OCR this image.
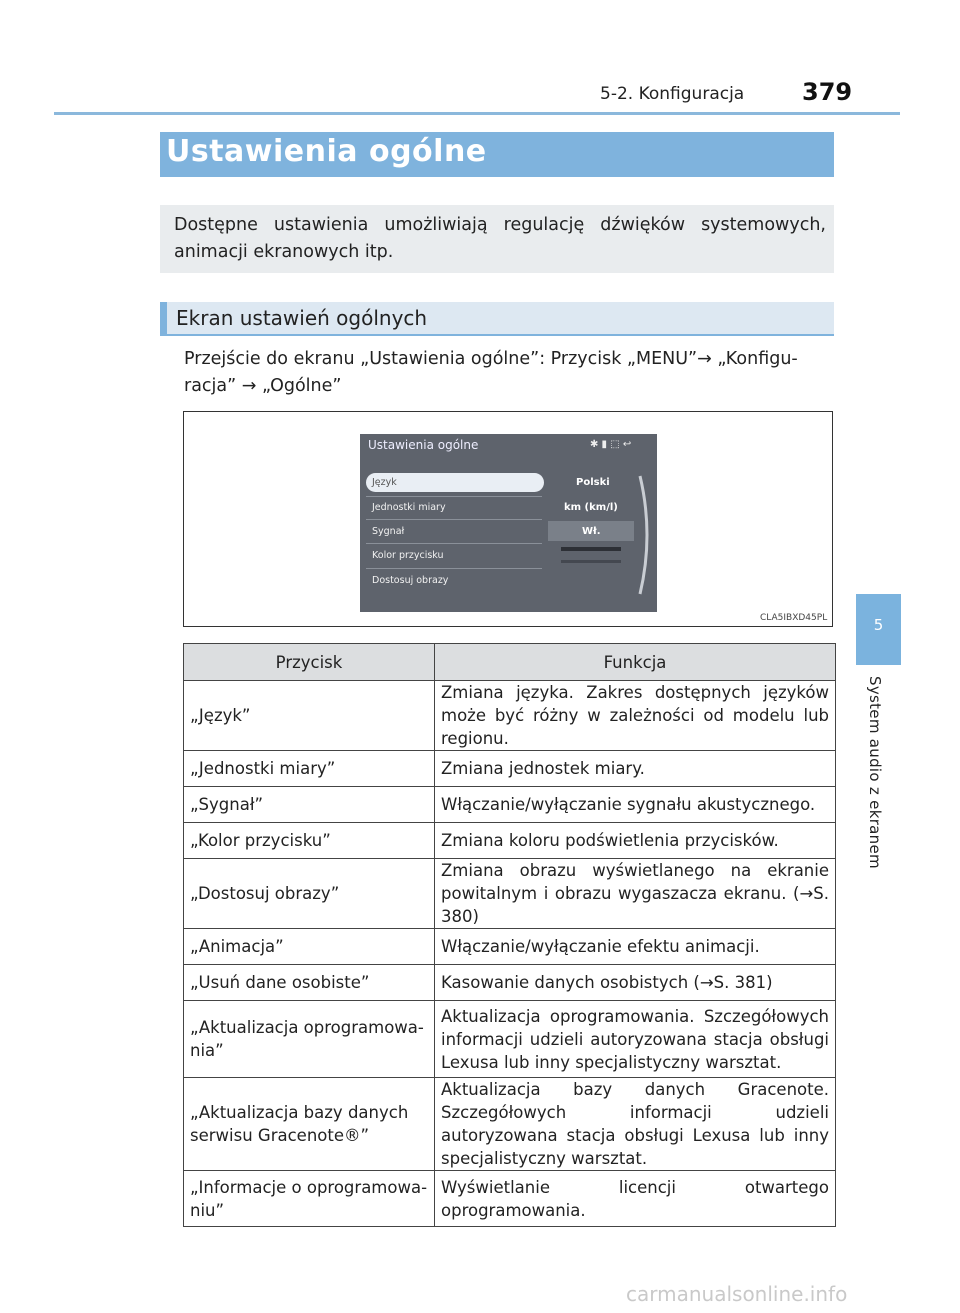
5-2. Konfiguracja 379
5
System audio z ekranem
Ustawienia ogólne
Dostępne ustawienia umożliwiają regulację dźwięków systemowych, animacji ekranowych itp.
Ekran ustawień ogólnych
Przejście do ekranu „Ustawienia ogólne”: Przycisk „MENU”→ „Konfigu-
racja” → „Ogólne”
Ustawienia ogólne	✱ ▮ ⬚ ↩
Język
Jednostki miary
Sygnał
Kolor przycisku
Dostosuj obrazy
Polski
km (km/l)
Wł.
CLA5IBXD45PL
Przycisk	Funkcja
„Język”	Zmiana języka. Zakres dostępnych języków może być różny w zależności od modelu lub regionu.
„Jednostki miary”	Zmiana jednostek miary.
„Sygnał”	Włączanie/wyłączanie sygnału akustycznego.
„Kolor przycisku”	Zmiana koloru podświetlenia przycisków.
„Dostosuj obrazy”	Zmiana obrazu wyświetlanego na ekranie powitalnym i obrazu wygaszacza ekranu. (→S. 380)
„Animacja”	Włączanie/wyłączanie efektu animacji.
„Usuń dane osobiste”	Kasowanie danych osobistych (→S. 381)
„Aktualizacja oprogramowania”	Aktualizacja oprogramowania. Szczegółowych informacji udzieli autoryzowana stacja obsługi Lexusa lub inny specjalistyczny warsztat.
„Aktualizacja bazy danych serwisu Gracenote®”	Aktualizacja bazy danych Gracenote. Szczegółowych informacji udzieli autoryzowana stacja obsługi Lexusa lub inny specjalistyczny warsztat.
„Informacje o oprogramowaniu”	Wyświetlanie licencji otwartego oprogramowania.
carmanualsonline.info
